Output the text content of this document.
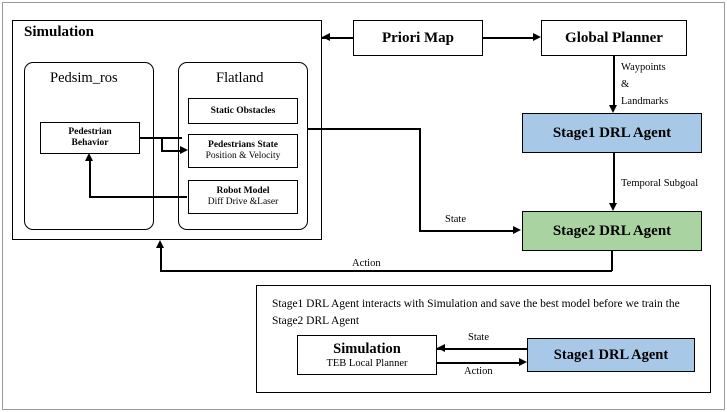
Simulation
Pedsim_ros	Flatland
Pedestrian
Behavior
Static Obstacles
Pedestrians State
Position & Velocity
Robot Model
Diff Drive &Laser
Priori Map	Global Planner
Waypoints
&
Landmarks
Stage1 DRL Agent
Temporal Subgoal
Stage2 DRL Agent
State
Action
Stage1 DRL Agent interacts with Simulation and save the best model before we train the Stage2 DRL Agent
Simulation
TEB Local Planner
Stage1 DRL Agent
State
Action
